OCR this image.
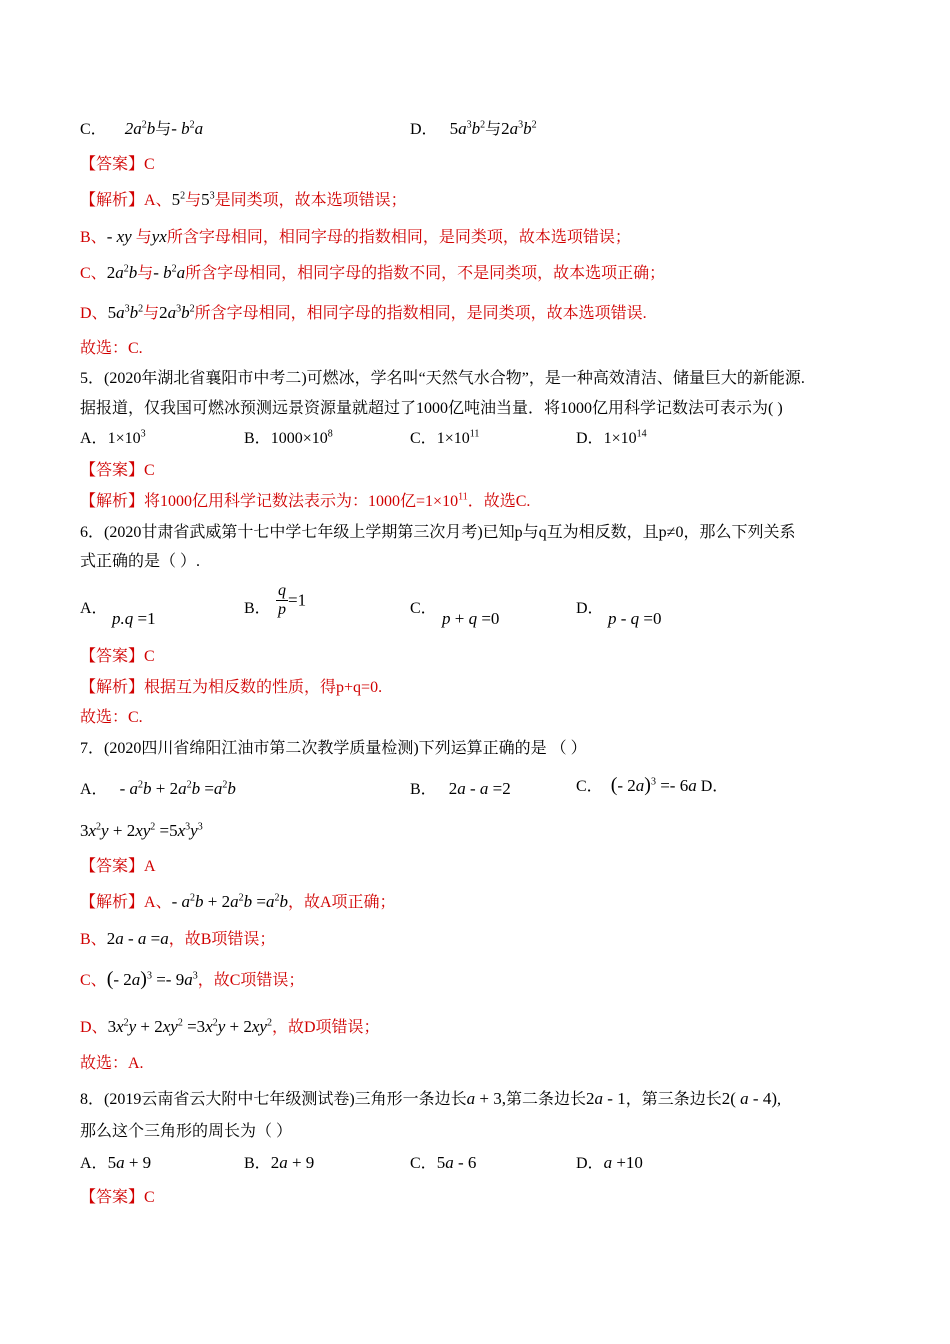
C． $2a^2b$与- $b^2a$	D． $5a^3b^2$与$2a^3b^2$
【答案】C
【解析】A、$5^2$与$5^3$是同类项，故本选项错误；
B、- xy 与yx所含字母相同，相同字母的指数相同，是同类项，故本选项错误；
C、$2a^2b$与- $b^2a$所含字母相同，相同字母的指数不同，不是同类项，故本选项正确；
D、$5a^3b^2$与$2a^3b^2$所含字母相同，相同字母的指数相同，是同类项，故本选项错误.
故选：C.
5．(2020年湖北省襄阳市中考二)可燃冰，学名叫“天然气水合物”，是一种高效清洁、储量巨大的新能源.
据报道，仅我国可燃冰预测远景资源量就超过了1000亿吨油当量．将1000亿用科学记数法可表示为( )
A．$1\times 10^3$	B．$1000\times 10^8$	C．$1\times 10^{11}$	D．$1\times 10^{14}$
【答案】C
【解析】将1000亿用科学记数法表示为：1000亿$=1\times 10^{11}$．故选C.
6．(2020甘肃省武威第十七中学七年级上学期第三次月考)已知p与q互为相反数，且p≠0，那么下列关系
式正确的是（ ）.
A．
p.q =1
B． $\frac{q}{p} =1$	C．
p + q =0
D．
p - q =0
【答案】C
【解析】根据互为相反数的性质，得p+q=0.
故选：C.
7．(2020四川省绵阳江油市第二次教学质量检测)下列运算正确的是 （ ）
A． - $a^2b + 2a^2b =a^2b$	B． 2a - a =2	C． (- 2a)$^3$ =- 6a D．
$3x^2y + 2xy^2 =5x^3y^3$
【答案】A
【解析】A、- $a^2b + 2a^2b =a^2b$，故A项正确；
B、2a - a =a，故B项错误；
C、(- $2a)^3 =- 9a^3$，故C项错误；
D、$3x^2y + 2xy^2 =3x^2y + 2xy^2$，故D项错误；
故选：A.
8．(2019云南省云大附中七年级测试卷)三角形一条边长a + 3,第二条边长2a - 1，第三条边长2( a - 4),
那么这个三角形的周长为（ ）
A．5a + 9	B．2a + 9	C．5a - 6	D．a +10
【答案】C
